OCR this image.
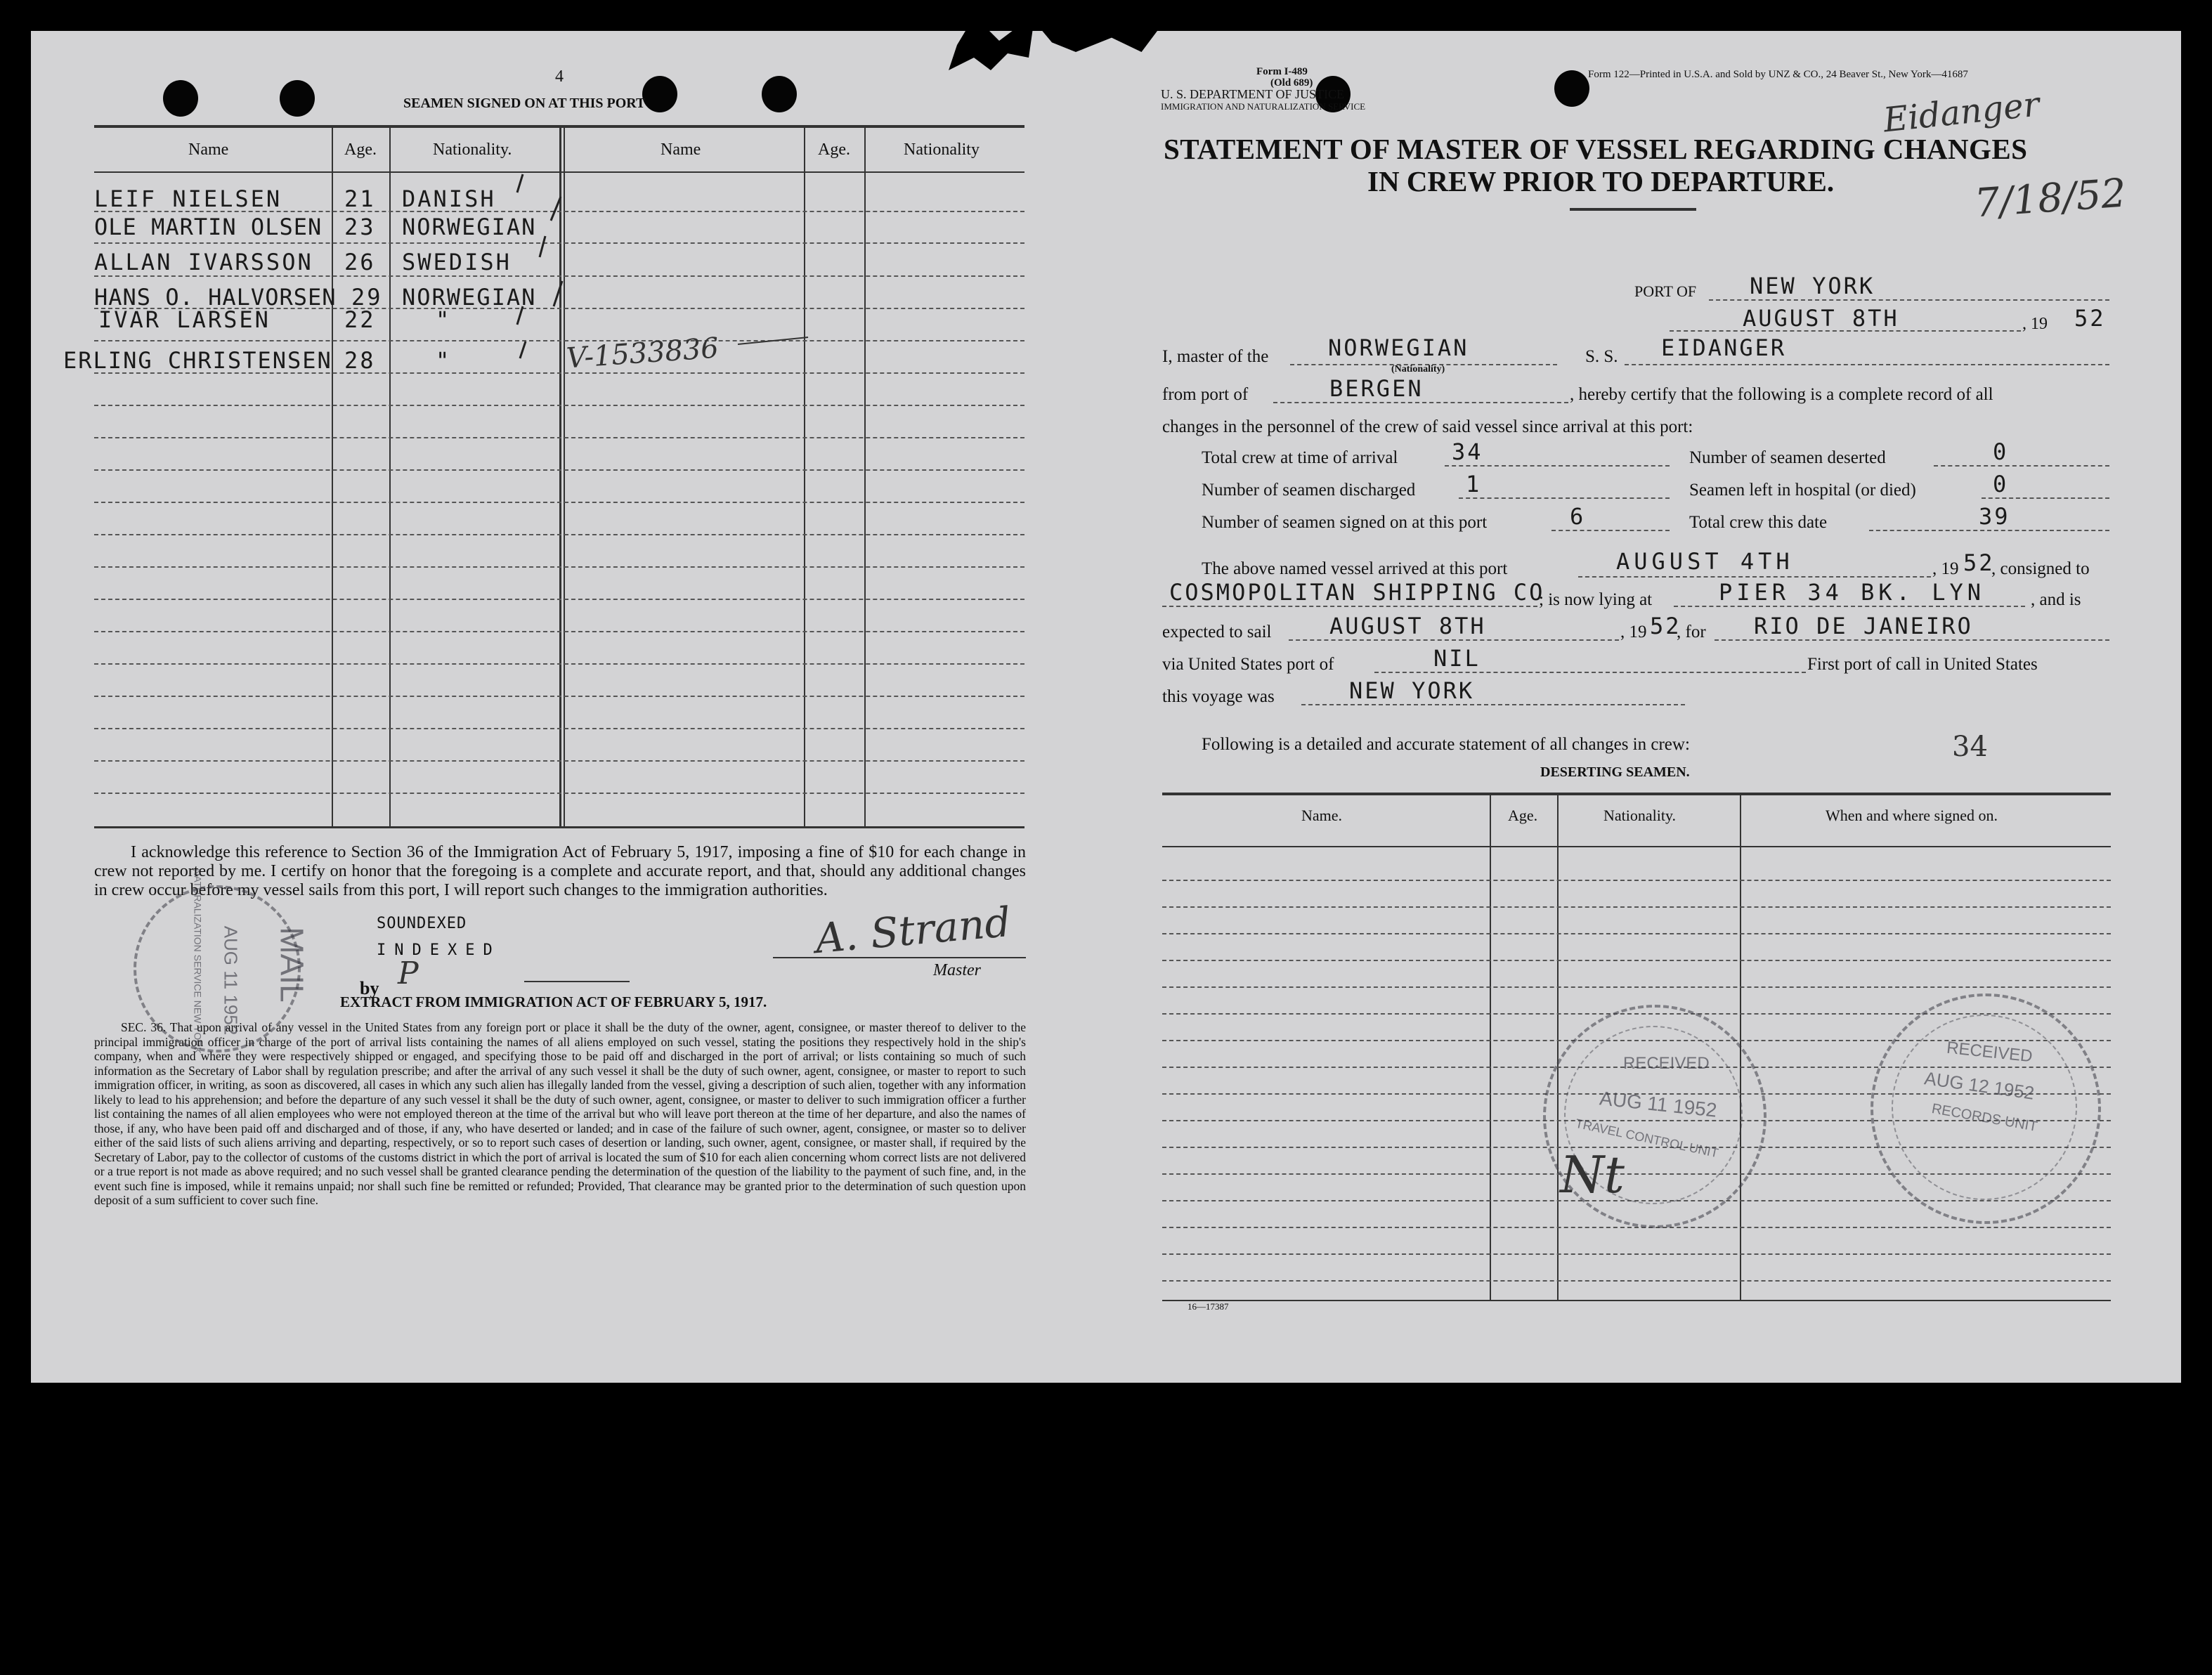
4
SEAMEN SIGNED ON AT THIS PORT
Name	Age.	Nationality.	Name	Age.	Nationality
LEIF NIELSEN	21 DANISH
OLE MARTIN OLSEN 23 NORWEGIAN
ALLAN IVARSSON 26 SWEDISH
HANS O. HALVORSEN 29 NORWEGIAN
IVAR LARSEN	22	"
ERLING CHRISTENSEN 28	"	V-1533836
I acknowledge this reference to Section 36 of the Immigration Act of February 5, 1917, imposing a fine of $10 for each change in crew not reported by me. I certify on honor that the foregoing is a complete and accurate report, and that, should any additional changes in crew occur before my vessel sails from this port, I will report such changes to the immigration authorities.
SOUNDEXED
INDEXED
by P
A. Strand
Master
EXTRACT FROM IMMIGRATION ACT OF FEBRUARY 5, 1917.
SEC. 36. That upon arrival of any vessel in the United States from any foreign port or place it shall be the duty of the owner, agent, consignee, or master thereof to deliver to the principal immigration officer in charge of the port of arrival lists containing the names of all aliens employed on such vessel, stating the positions they respectively hold in the ship's company, when and where they were respectively shipped or engaged, and specifying those to be paid off and discharged in the port of arrival; or lists containing so much of such information as the Secretary of Labor shall by regulation prescribe; and after the arrival of any such vessel it shall be the duty of such owner, agent, consignee, or master to report to such immigration officer, in writing, as soon as discovered, all cases in which any such alien has illegally landed from the vessel, giving a description of such alien, together with any information likely to lead to his apprehension; and before the departure of any such vessel it shall be the duty of such owner, agent, consignee, or master to deliver to such immigration officer a further list containing the names of all alien employees who were not employed thereon at the time of the arrival but who will leave port thereon at the time of her departure, and also the names of those, if any, who have been paid off and discharged and of those, if any, who have deserted or landed; and in case of the failure of such owner, agent, consignee, or master so to deliver either of the said lists of such aliens arriving and departing, respectively, or so to report such cases of desertion or landing, such owner, agent, consignee, or master shall, if required by the Secretary of Labor, pay to the collector of customs of the customs district in which the port of arrival is located the sum of $10 for each alien concerning whom correct lists are not delivered or a true report is not made as above required; and no such vessel shall be granted clearance pending the determination of the question of the liability to the payment of such fine, and, in the event such fine is imposed, while it remains unpaid; nor shall such fine be remitted or refunded; Provided, That clearance may be granted prior to the determination of such question upon deposit of a sum sufficient to cover such fine.
MAIL
AUG 11 1952
NATURALIZATION SERVICE NEW YORK
Form I-489
(Old 689)
U. S. DEPARTMENT OF JUSTICE
IMMIGRATION AND NATURALIZATION SERVICE
Form 122—Printed in U.S.A. and Sold by UNZ & CO., 24 Beaver St., New York—41687
Eidanger
7/18/52
STATEMENT OF MASTER OF VESSEL REGARDING CHANGES
IN CREW PRIOR TO DEPARTURE.
PORT OF NEW YORK
AUGUST 8TH	, 19 52
I, master of the	NORWEGIAN
(Nationality)
S. S. EIDANGER
from port of	BERGEN	, hereby certify that the following is a complete record of all
changes in the personnel of the crew of said vessel since arrival at this port:
Total crew at time of arrival 34	Number of seamen deserted	0
Number of seamen discharged 1	Seamen left in hospital (or died)	0
Number of seamen signed on at this port	6	Total crew this date	39
The above named vessel arrived at this port	AUGUST 4TH	, 19 52
, consigned to
COSMOPOLITAN SHIPPING CO
; is now lying at	PIER 34 BK. LYN	, and is
expected to sail	AUGUST 8TH	, 19 52
, for RIO DE JANEIRO
via United States port of	NIL	First port of call in United States
this voyage was	NEW YORK
Following is a detailed and accurate statement of all changes in crew:	34
DESERTING SEAMEN.
Name.	Age.	Nationality.	When and where signed on.
RECEIVED
AUG 11 1952
TRAVEL CONTROL UNIT
Nt
RECEIVED
AUG 12 1952
RECORDS UNIT
16—17387
